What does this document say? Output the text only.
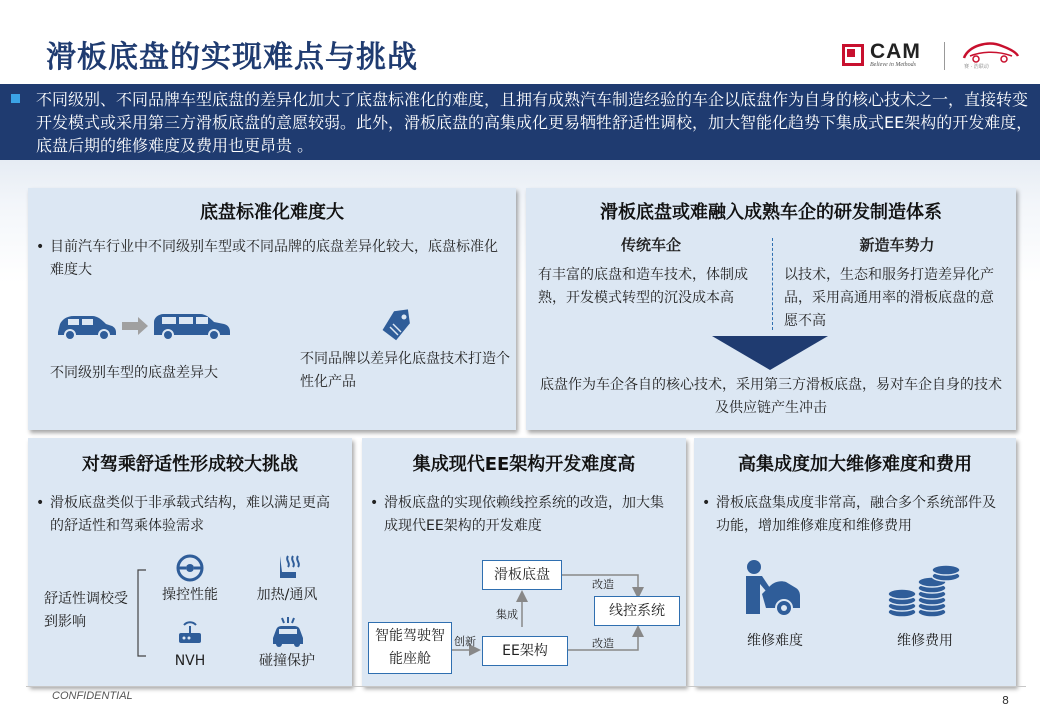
滑板底盘的实现难点与挑战	CAM
Believe in Methods	赛 · 浩联动
不同级别、不同品牌车型底盘的差异化加大了底盘标准化的难度，且拥有成熟汽车制造经验的车企以底盘作为自身的核心技术之一，直接转变开发模式或采用第三方滑板底盘的意愿较弱。此外，滑板底盘的高集成化更易牺牲舒适性调校，加大智能化趋势下集成式EE架构的开发难度，底盘后期的维修难度及费用也更昂贵 。
底盘标准化难度大
• 目前汽车行业中不同级别车型或不同品牌的底盘差异化较大，底盘标准化难度大
不同级别车型的底盘差异大
不同品牌以差异化底盘技术打造个性化产品
滑板底盘或难融入成熟车企的研发制造体系
传统车企
有丰富的底盘和造车技术，体制成熟，开发模式转型的沉没成本高
新造车势力
以技术，生态和服务打造差异化产品，采用高通用率的滑板底盘的意愿不高
底盘作为车企各自的核心技术，采用第三方滑板底盘，易对车企自身的技术及供应链产生冲击
对驾乘舒适性形成较大挑战
• 滑板底盘类似于非承载式结构，难以满足更高的舒适性和驾乘体验需求
舒适性调校受到影响
操控性能	加热/通风
NVH	碰撞保护
集成现代EE架构开发难度高
• 滑板底盘的实现依赖线控系统的改造，加大集成现代EE架构的开发难度
滑板底盘
线控系统
EE架构
智能驾驶智能座舱
改造
集成
创新	改造
高集成度加大维修难度和费用
• 滑板底盘集成度非常高，融合多个系统部件及功能，增加维修难度和维修费用
维修难度	维修费用
CONFIDENTIAL	8
